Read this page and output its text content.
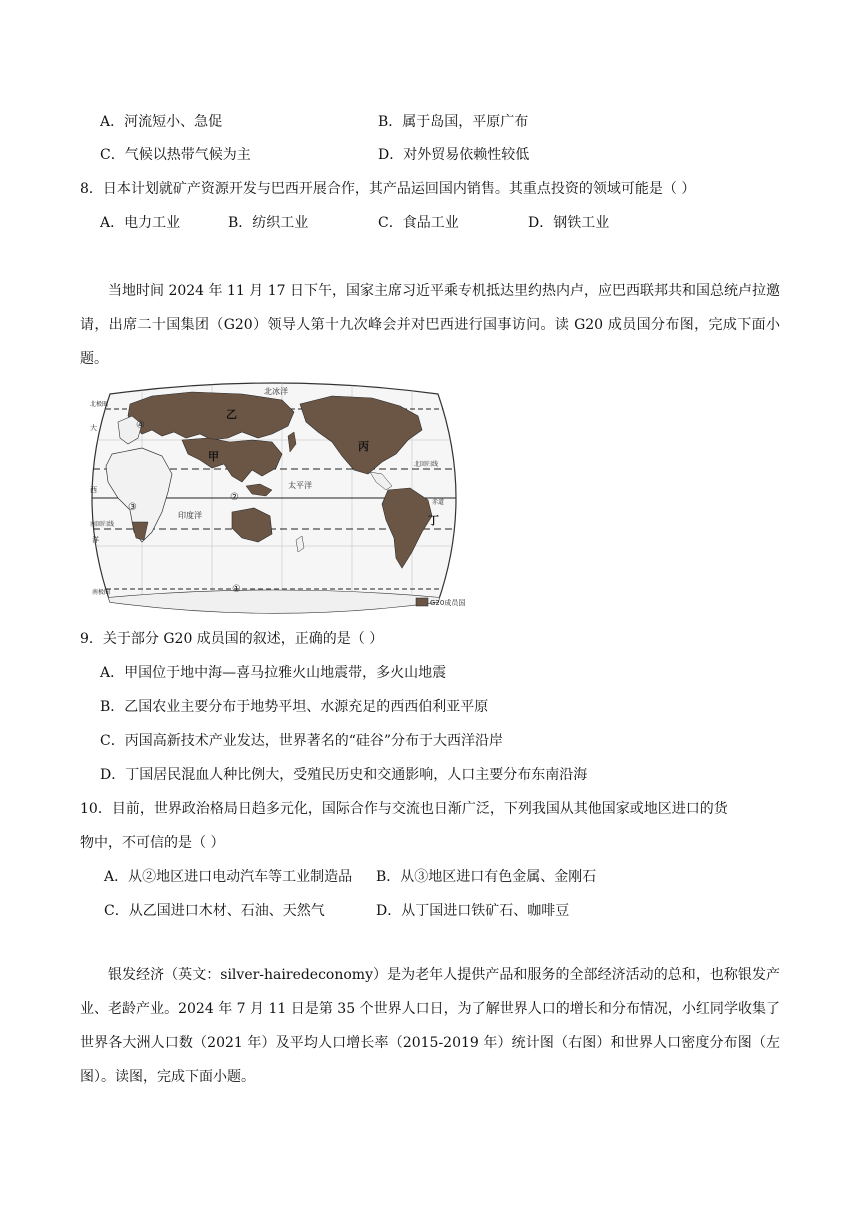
A．河流短小、急促	B．属于岛国，平原广布
C．气候以热带气候为主	D．对外贸易依赖性较低
8．日本计划就矿产资源开发与巴西开展合作，其产品运回国内销售。其重点投资的领域可能是（ ）
A．电力工业	B．纺织工业	C．食品工业	D．钢铁工业
当地时间 2024 年 11 月 17 日下午，国家主席习近平乘专机抵达里约热内卢，应巴西联邦共和国总统卢拉邀请，出席二十国集团（G20）领导人第十九次峰会并对巴西进行国事访问。读 G20 成员国分布图，完成下面小题。
北冰洋
太平洋
印度洋
北极圈
南极圈
北回归线
南回归线
赤道
大
西
洋
甲
乙
丙
丁
①
②
③
④
G20成员国
9．关于部分 G20 成员国的叙述，正确的是（ ）
A．甲国位于地中海—喜马拉雅火山地震带，多火山地震
B．乙国农业主要分布于地势平坦、水源充足的西西伯利亚平原
C．丙国高新技术产业发达，世界著名的“硅谷”分布于大西洋沿岸
D．丁国居民混血人种比例大，受殖民历史和交通影响，人口主要分布东南沿海
10．目前，世界政治格局日趋多元化，国际合作与交流也日渐广泛，下列我国从其他国家或地区进口的货
物中，不可信的是（ ）
A．从②地区进口电动汽车等工业制造品 B．从③地区进口有色金属、金刚石
C．从乙国进口木材、石油、天然气	D．从丁国进口铁矿石、咖啡豆
银发经济（英文：silver-hairedeconomy）是为老年人提供产品和服务的全部经济活动的总和，也称银发产业、老龄产业。2024 年 7 月 11 日是第 35 个世界人口日，为了解世界人口的增长和分布情况，小红同学收集了世界各大洲人口数（2021 年）及平均人口增长率（2015-2019 年）统计图（右图）和世界人口密度分布图（左图）。读图，完成下面小题。
